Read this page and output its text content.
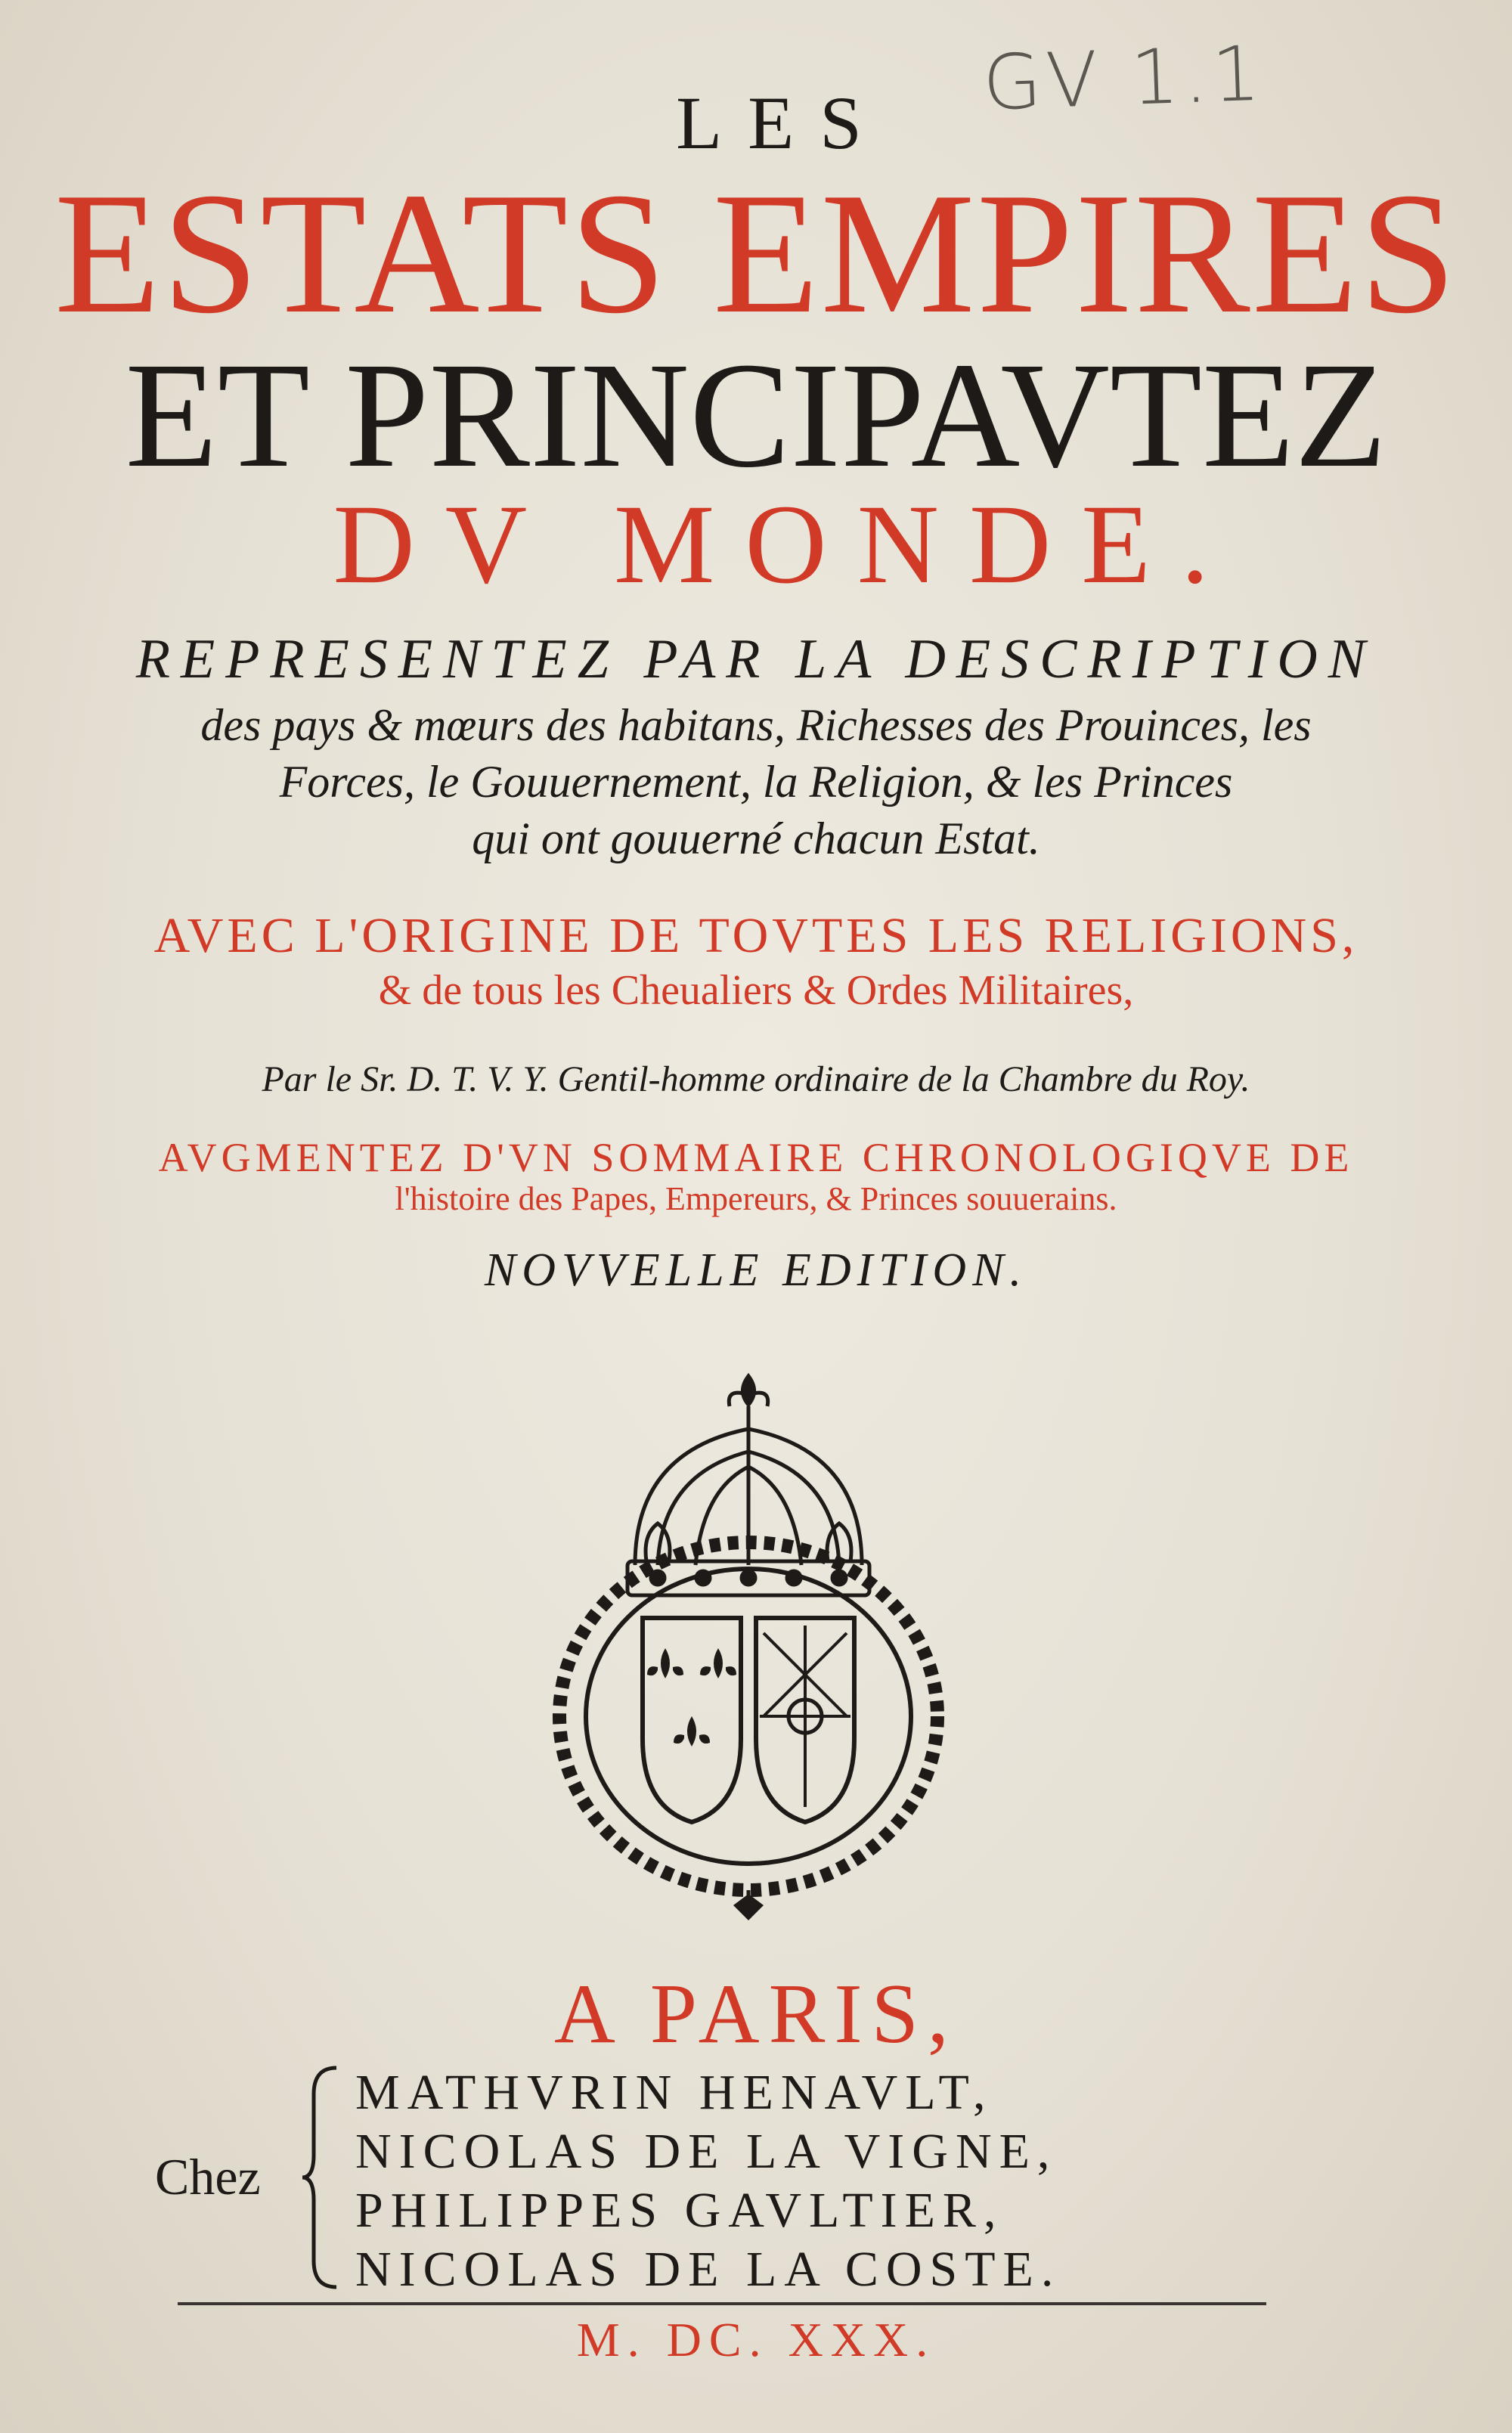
GV 1.1

LES

ESTATS EMPIRES

ET PRINCIPAVTEZ

DV MONDE.

REPRESENTEZ PAR LA DESCRIPTION

des pays & mœurs des habitans, Richesses des Prouinces, les

Forces, le Gouuernement, la Religion, & les Princes

qui ont gouuerné chacun Estat.

AVEC L'ORIGINE DE TOVTES LES RELIGIONS,

& de tous les Cheualiers & Ordes Militaires,

Par le Sr. D. T. V. Y. Gentil-homme ordinaire de la Chambre du Roy.

AVGMENTEZ D'VN SOMMAIRE CHRONOLOGIQVE DE

l'histoire des Papes, Empereurs, & Princes souuerains.

NOVVELLE EDITION.

A PARIS,

Chez

MATHVRIN HENAVLT,

NICOLAS DE LA VIGNE,

PHILIPPES GAVLTIER,

NICOLAS DE LA COSTE.

M. DC. XXX.
